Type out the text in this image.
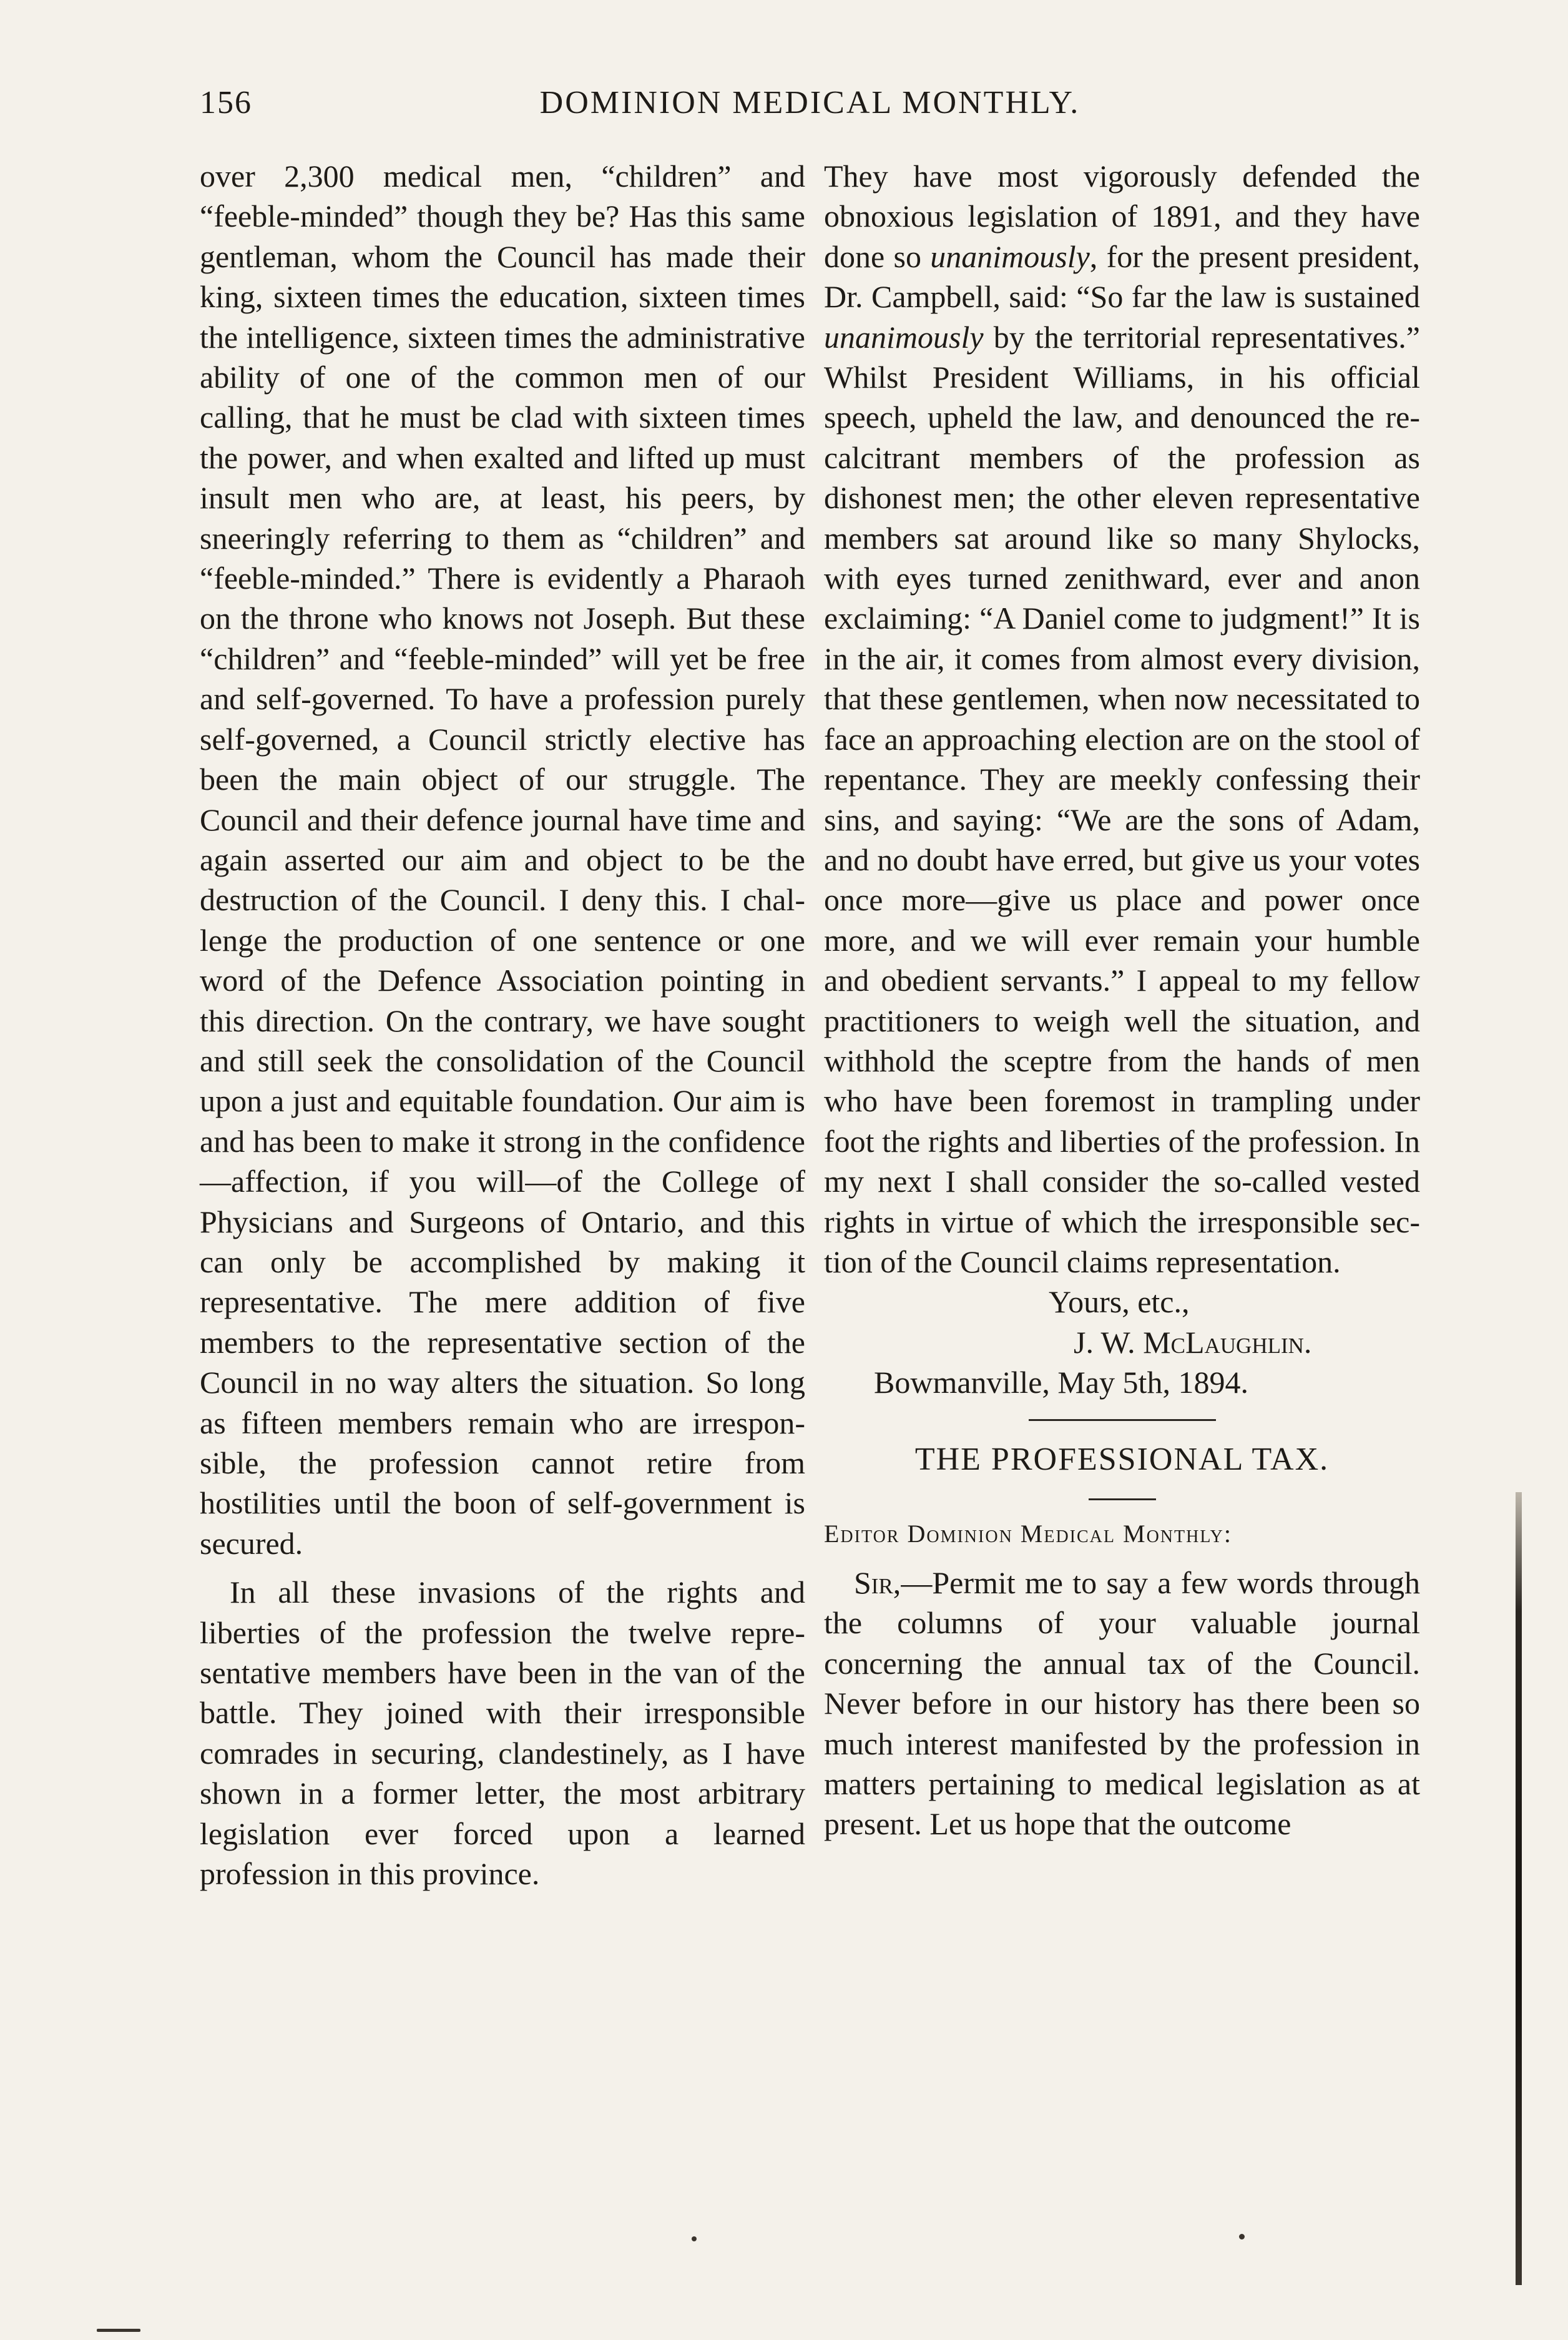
156	DOMINION MEDICAL MONTHLY.

over 2,300 medical men, “children” and “feeble-minded” though they be? Has this same gentleman, whom the Council has made their king, sixteen times the education, sixteen times the intelligence, sixteen times the administrative ability of one of the common men of our calling, that he must be clad with sixteen times the power, and when exalted and lifted up must insult men who are, at least, his peers, by sneeringly referring to them as “children” and “feeble-minded.” There is evidently a Pharaoh on the throne who knows not Joseph. But these “children” and “feeble-minded” will yet be free and self-governed. To have a profession purely self-governed, a Council strictly elective has been the main object of our struggle. The Council and their defence journal have time and again asserted our aim and object to be the destruction of the Council. I deny this. I challenge the production of one sentence or one word of the Defence Association pointing in this direction. On the contrary, we have sought and still seek the consolidation of the Council upon a just and equitable foundation. Our aim is and has been to make it strong in the confidence—affection, if you will—of the College of Physicians and Surgeons of Ontario, and this can only be accomplished by making it representative. The mere addition of five members to the representative section of the Council in no way alters the situation. So long as fifteen members remain who are irresponsible, the profession cannot retire from hostilities until the boon of self-government is secured.

In all these invasions of the rights and liberties of the profession the twelve representative members have been in the van of the battle. They joined with their irresponsible comrades in securing, clandestinely, as I have shown in a former letter, the most arbitrary legislation ever forced upon a learned profession in this province.

They have most vigorously defended the obnoxious legislation of 1891, and they have done so unanimously, for the present president, Dr. Campbell, said: “So far the law is sustained unanimously by the territorial representatives.” Whilst President Williams, in his official speech, upheld the law, and denounced the recalcitrant members of the profession as dishonest men; the other eleven representative members sat around like so many Shylocks, with eyes turned zenithward, ever and anon exclaiming: “A Daniel come to judgment!” It is in the air, it comes from almost every division, that these gentlemen, when now necessitated to face an approaching election are on the stool of repentance. They are meekly confessing their sins, and saying: “We are the sons of Adam, and no doubt have erred, but give us your votes once more—give us place and power once more, and we will ever remain your humble and obedient servants.” I appeal to my fellow practitioners to weigh well the situation, and withhold the sceptre from the hands of men who have been foremost in trampling under foot the rights and liberties of the profession. In my next I shall consider the so-called vested rights in virtue of which the irresponsible section of the Council claims representation.

Yours, etc.,

J. W. McLaughlin.

Bowmanville, May 5th, 1894.

THE PROFESSIONAL TAX.

Editor Dominion Medical Monthly:

Sir,—Permit me to say a few words through the columns of your valuable journal concerning the annual tax of the Council. Never before in our history has there been so much interest manifested by the profession in matters pertaining to medical legislation as at present. Let us hope that the outcome
